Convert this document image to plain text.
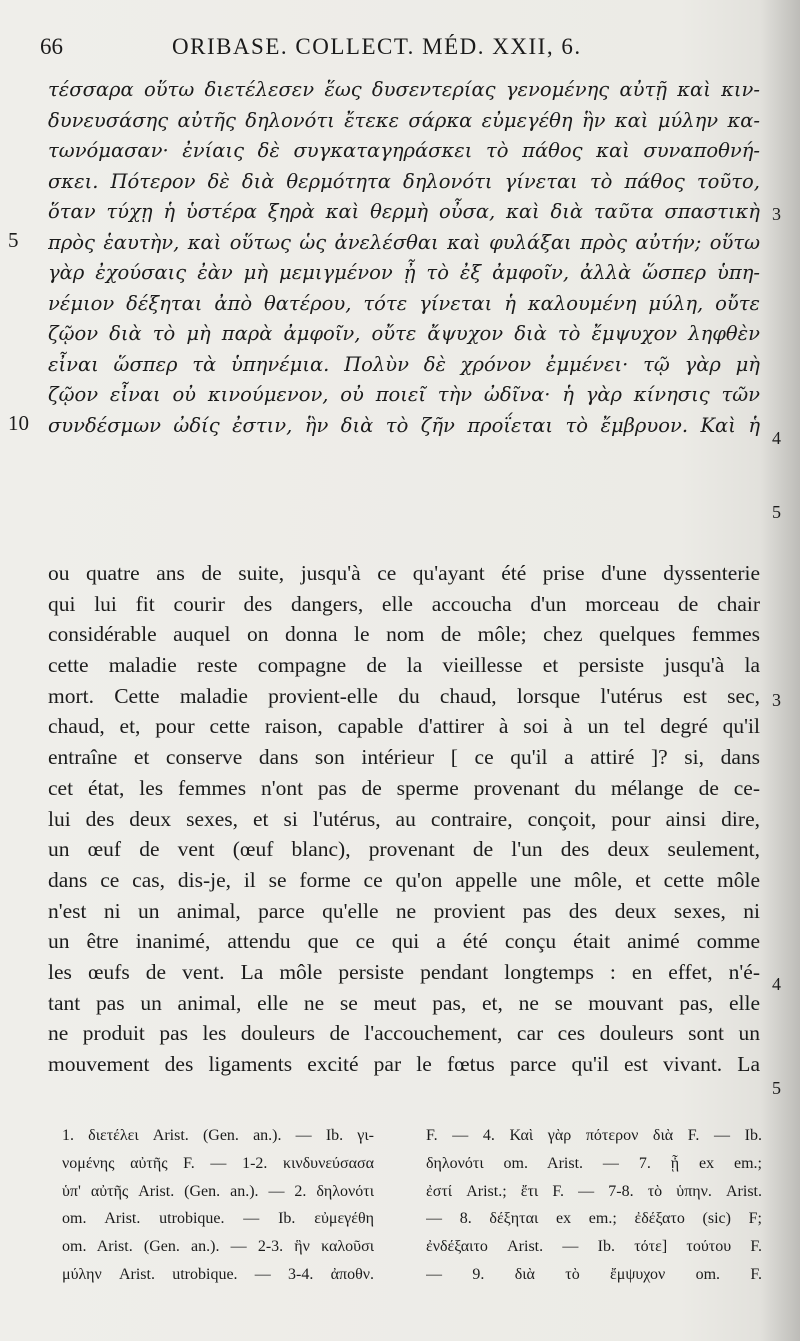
66	ORIBASE. COLLECT. MÉD. XXII, 6.
τέσσαρα οὕτω διετέλεσεν ἕως δυσεντερίας γενομένης αὐτῇ καὶ κιν-
δυνευσάσης αὐτῆς δηλονότι ἔτεκε σάρκα εὐμεγέθη ἣν καὶ μύλην κα-
τωνόμασαν· ἐνίαις δὲ συγκαταγηράσκει τὸ πάθος καὶ συναποθνή-
σκει. Πότερον δὲ διὰ θερμότητα δηλονότι γίνεται τὸ πάθος τοῦτο,
ὅταν τύχῃ ἡ ὑστέρα ξηρὰ καὶ θερμὴ οὖσα, καὶ διὰ ταῦτα σπαστικὴ
πρὸς ἑαυτὴν, καὶ οὕτως ὡς ἀνελέσθαι καὶ φυλάξαι πρὸς αὐτήν; οὕτω
γὰρ ἐχούσαις ἐὰν μὴ μεμιγμένον ᾖ τὸ ἐξ ἀμφοῖν, ἀλλὰ ὥσπερ ὑπη-
νέμιον δέξηται ἀπὸ θατέρου, τότε γίνεται ἡ καλουμένη μύλη, οὔτε
ζῷον διὰ τὸ μὴ παρὰ ἀμφοῖν, οὔτε ἄψυχον διὰ τὸ ἔμψυχον ληφθὲν
εἶναι ὥσπερ τὰ ὑπηνέμια. Πολὺν δὲ χρόνον ἐμμένει· τῷ γὰρ μὴ
ζῷον εἶναι οὐ κινούμενον, οὐ ποιεῖ τὴν ὠδῖνα· ἡ γὰρ κίνησις τῶν
συνδέσμων ὠδίς ἐστιν, ἣν διὰ τὸ ζῆν προΐεται τὸ ἔμβρυον. Καὶ ἡ
5
10
3
4
5
3
4
5
ou quatre ans de suite, jusqu'à ce qu'ayant été prise d'une dyssenterie
qui lui fit courir des dangers, elle accoucha d'un morceau de chair
considérable auquel on donna le nom de môle; chez quelques femmes
cette maladie reste compagne de la vieillesse et persiste jusqu'à la
mort. Cette maladie provient-elle du chaud, lorsque l'utérus est sec,
chaud, et, pour cette raison, capable d'attirer à soi à un tel degré qu'il
entraîne et conserve dans son intérieur [ ce qu'il a attiré ]? si, dans
cet état, les femmes n'ont pas de sperme provenant du mélange de ce-
lui des deux sexes, et si l'utérus, au contraire, conçoit, pour ainsi dire,
un œuf de vent (œuf blanc), provenant de l'un des deux seulement,
dans ce cas, dis-je, il se forme ce qu'on appelle une môle, et cette môle
n'est ni un animal, parce qu'elle ne provient pas des deux sexes, ni
un être inanimé, attendu que ce qui a été conçu était animé comme
les œufs de vent. La môle persiste pendant longtemps : en effet, n'é-
tant pas un animal, elle ne se meut pas, et, ne se mouvant pas, elle
ne produit pas les douleurs de l'accouchement, car ces douleurs sont un
mouvement des ligaments excité par le fœtus parce qu'il est vivant. La
1. διετέλει Arist. (Gen. an.). — Ib. γι-
νομένης αὐτῆς F. — 1-2. κινδυνεύσασα
ὑπ' αὐτῆς Arist. (Gen. an.). — 2. δηλονότι
om. Arist. utrobique. — Ib. εὐμεγέθη
om. Arist. (Gen. an.). — 2-3. ἣν καλοῦσι
μύλην Arist. utrobique. — 3-4. ἀποθν.
F. — 4. Καὶ γὰρ πότερον διὰ F. — Ib.
δηλονότι om. Arist. — 7. ᾖ ex em.;
ἐστί Arist.; ἔτι F. — 7-8. τὸ ὑπην. Arist.
— 8. δέξηται ex em.; ἐδέξατο (sic) F;
ἐνδέξαιτο Arist. — Ib. τότε] τούτου F.
— 9. διὰ τὸ ἔμψυχον om. F.
